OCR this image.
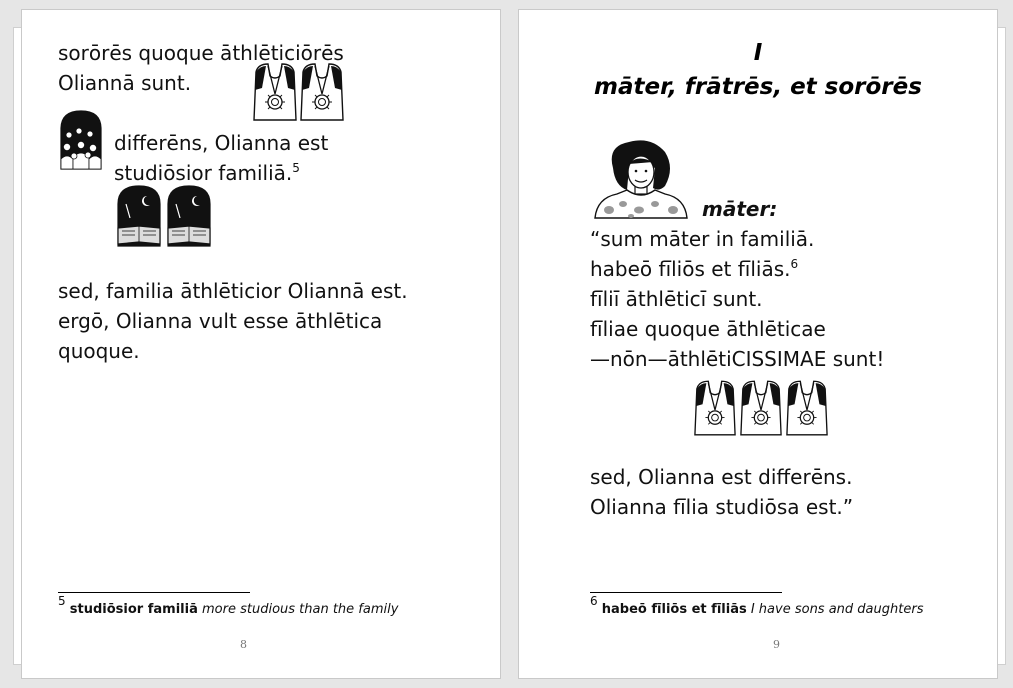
sorōrēs quoque āthlēticiōrēs

Oliannā sunt.

differēns, Olianna est

studiōsior familiā.$^5$

sed, familia āthlēticior Oliannā est.

ergō, Olianna vult esse āthlētica

quoque.

$^5$ studiōsior familiā more studious than the family

8

I

māter, frātrēs, et sorōrēs

māter:

“sum māter in familiā.

habeō fīliōs et fīliās.$^6$

fīliī āthlēticī sunt.

fīliae quoque āthlēticae

—nōn—āthlētiCISSIMAE sunt!

sed, Olianna est differēns.

Olianna fīlia studiōsa est.”

$^6$ habeō fīliōs et fīliās I have sons and daughters

9
